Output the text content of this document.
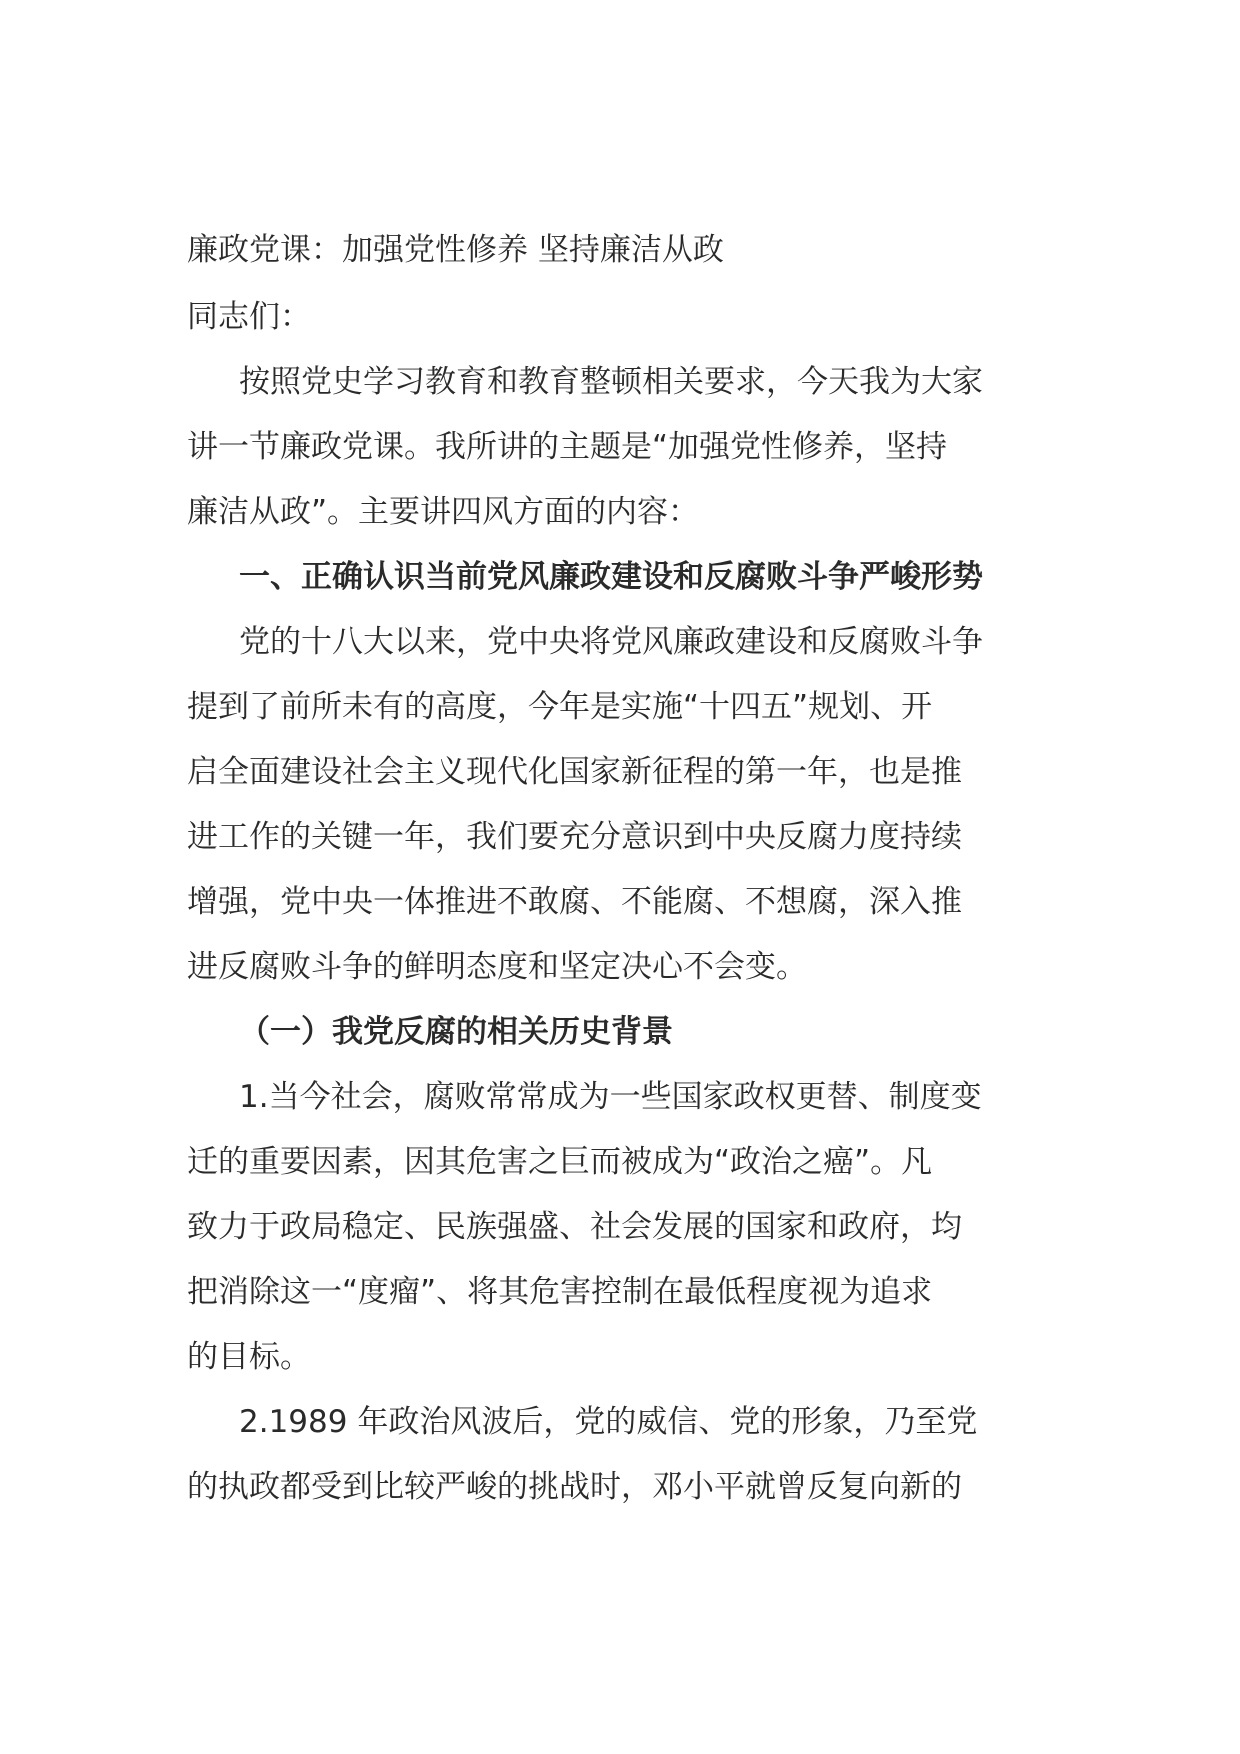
廉政党课：加强党性修养 坚持廉洁从政

同志们：

按照党史学习教育和教育整顿相关要求，今天我为大家

讲一节廉政党课。我所讲的主题是“加强党性修养，坚持

廉洁从政”。主要讲四风方面的内容：

一、正确认识当前党风廉政建设和反腐败斗争严峻形势

党的十八大以来，党中央将党风廉政建设和反腐败斗争

提到了前所未有的高度，今年是实施“十四五”规划、开

启全面建设社会主义现代化国家新征程的第一年，也是推

进工作的关键一年，我们要充分意识到中央反腐力度持续

增强，党中央一体推进不敢腐、不能腐、不想腐，深入推

进反腐败斗争的鲜明态度和坚定决心不会变。

（一）我党反腐的相关历史背景

1.当今社会，腐败常常成为一些国家政权更替、制度变

迁的重要因素，因其危害之巨而被成为“政治之癌”。凡

致力于政局稳定、民族强盛、社会发展的国家和政府，均

把消除这一“度瘤”、将其危害控制在最低程度视为追求

的目标。

2.1989 年政治风波后，党的威信、党的形象，乃至党

的执政都受到比较严峻的挑战时，邓小平就曾反复向新的
